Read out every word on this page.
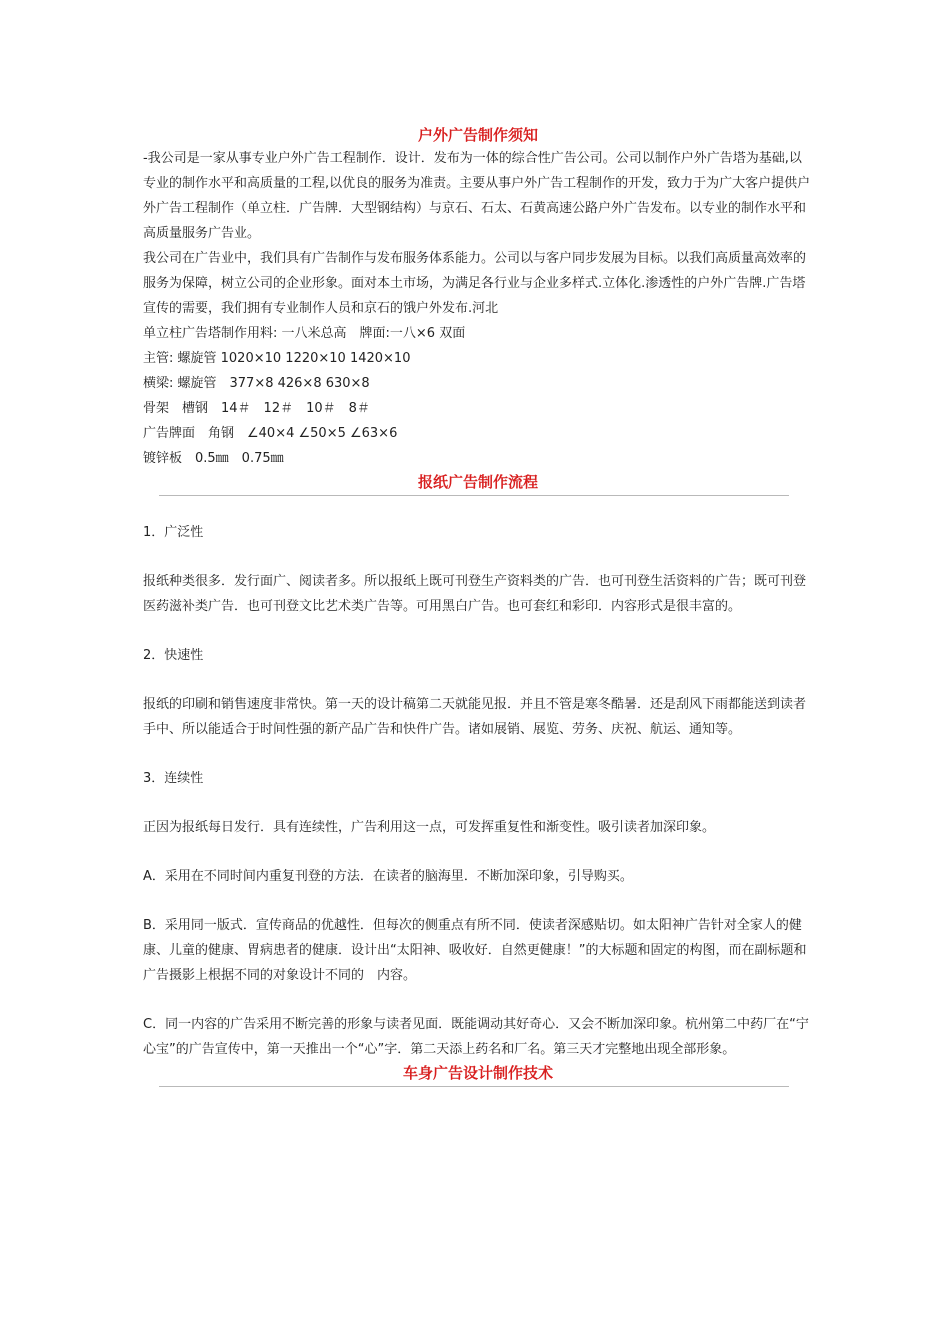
户外广告制作须知

-我公司是一家从事专业户外广告工程制作．设计．发布为一体的综合性广告公司。公司以制作户外广告塔为基础,以专业的制作水平和高质量的工程,以优良的服务为准责。主要从事户外广告工程制作的开发，致力于为广大客户提供户外广告工程制作（单立柱．广告牌．大型钢结构）与京石、石太、石黄高速公路户外广告发布。以专业的制作水平和高质量服务广告业。

我公司在广告业中，我们具有广告制作与发布服务体系能力。公司以与客户同步发展为目标。以我们高质量高效率的服务为保障，树立公司的企业形象。面对本土市场，为满足各行业与企业多样式.立体化.渗透性的户外广告牌.广告塔宣传的需要，我们拥有专业制作人员和京石的饿户外发布.河北

单立柱广告塔制作用料: 一八米总高　牌面:一八×6 双面

主管: 螺旋管 1020×10 1220×10 1420×10

横梁: 螺旋管　377×8 426×8 630×8

骨架　槽钢　14＃　12＃　10＃　8＃

广告牌面　角钢　∠40×4 ∠50×5 ∠63×6

镀锌板　0.5㎜　0.75㎜

报纸广告制作流程

1．广泛性

报纸种类很多．发行面广、阅读者多。所以报纸上既可刊登生产资料类的广告．也可刊登生活资料的广告；既可刊登医药滋补类广告．也可刊登文比艺术类广告等。可用黑白广告。也可套红和彩印．内容形式是很丰富的。

2．快速性

报纸的印刷和销售速度非常快。第一天的设计稿第二天就能见报．并且不管是寒冬酷暑．还是刮风下雨都能送到读者手中、所以能适合于时间性强的新产品广告和快件广告。诸如展销、展览、劳务、庆祝、航运、通知等。

3．连续性

正因为报纸每日发行．具有连续性，广告利用这一点，可发挥重复性和渐变性。吸引读者加深印象。

A．采用在不同时间内重复刊登的方法．在读者的脑海里．不断加深印象，引导购买。

B．采用同一版式．宣传商品的优越性．但每次的侧重点有所不同．使读者深感贴切。如太阳神广告针对全家人的健康、儿童的健康、胃病患者的健康．设计出“太阳神、吸收好．自然更健康！”的大标题和固定的构图，而在副标题和广告摄影上根据不同的对象设计不同的　内容。

C．同一内容的广告采用不断完善的形象与读者见面．既能调动其好奇心．又会不断加深印象。杭州第二中药厂在“宁心宝”的广告宣传中，第一天推出一个“心”字．第二天添上药名和厂名。第三天才完整地出现全部形象。

车身广告设计制作技术
